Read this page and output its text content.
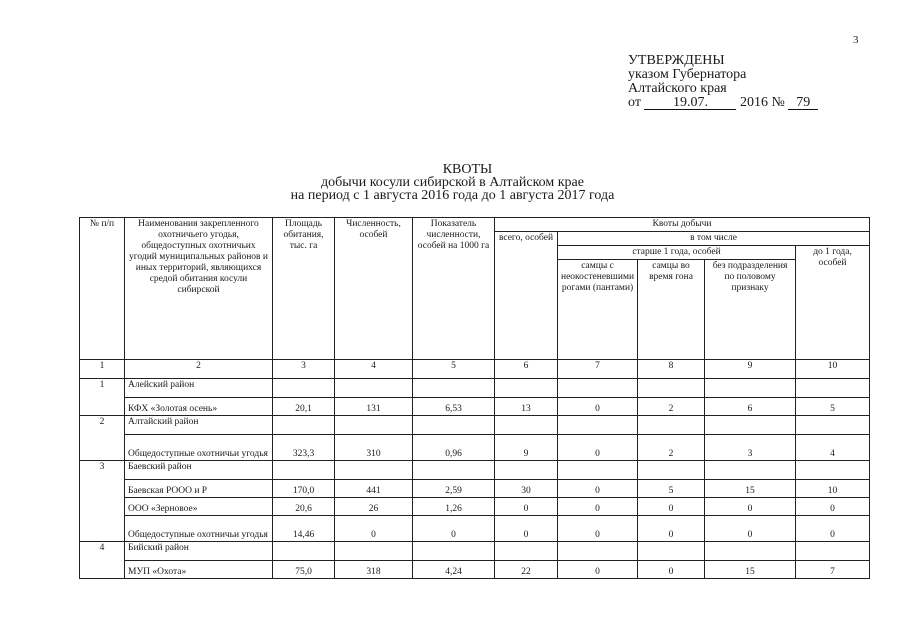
3
УТВЕРЖДЕНЫ
указом Губернатора
Алтайского края
от 19.07. 2016 № 79
КВОТЫ
добычи косули сибирской в Алтайском крае
на период с 1 августа 2016 года до 1 августа 2017 года
№ п/п	Наименования закрепленного охотничьего угодья, общедоступных охотничьих угодий муниципальных районов и иных территорий, являющихся средой обитания косули сибирской	Площадь обитания, тыс. га	Численность, особей	Показатель численности, особей на 1000 га	Квоты добычи				
					всего, особей	в том числе			
						старше 1 года, особей			до 1 года, особей
						самцы с неокостеневшими рогами (пантами)	самцы во время гона	без подразделения по половому признаку	
1	2	3	4	5	6	7	8	9	10
1	Алейский район								
	КФХ «Золотая осень»	20,1	131	6,53	13	0	2	6	5
2	Алтайский район								
	Общедоступные охотничьи угодья	323,3	310	0,96	9	0	2	3	4
3	Баевский район								
	Баевская РООО и Р	170,0	441	2,59	30	0	5	15	10
	ООО «Зерновое»	20,6	26	1,26	0	0	0	0	0
	Общедоступные охотничьи угодья	14,46	0	0	0	0	0	0	0
4	Бийский район								
	МУП «Охота»	75,0	318	4,24	22	0	0	15	7
